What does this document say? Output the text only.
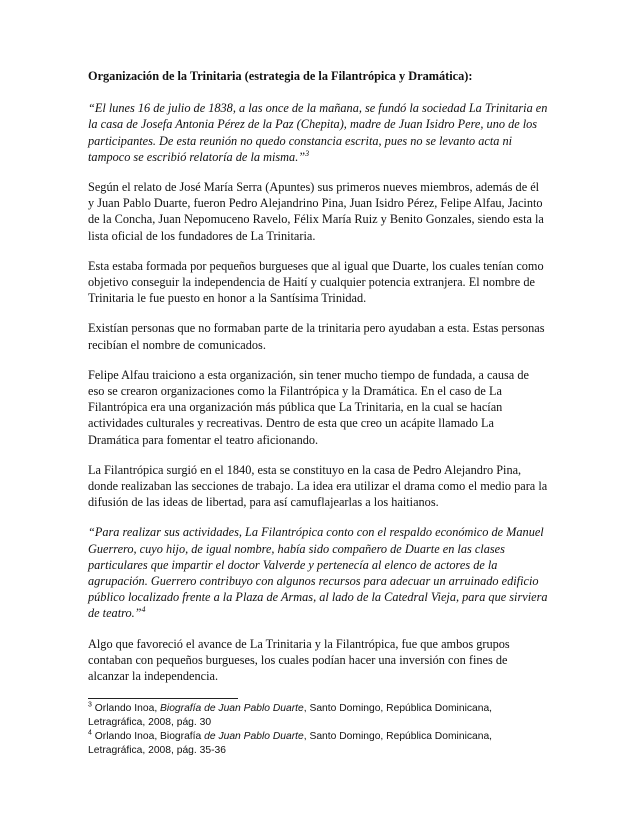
Organización de la Trinitaria (estrategia de la Filantrópica y Dramática):

“El lunes 16 de julio de 1838, a las once de la mañana, se fundó la sociedad La Trinitaria en la casa de Josefa Antonia Pérez de la Paz (Chepita), madre de Juan Isidro Pere, uno de los participantes. De esta reunión no quedo constancia escrita, pues no se levanto acta ni tampoco se escribió relatoría de la misma.”$^3$

Según el relato de José María Serra (Apuntes) sus primeros nueves miembros, además de él y Juan Pablo Duarte, fueron Pedro Alejandrino Pina, Juan Isidro Pérez, Felipe Alfau, Jacinto de la Concha, Juan Nepomuceno Ravelo, Félix María Ruiz y Benito Gonzales, siendo esta la lista oficial de los fundadores de La Trinitaria.

Esta estaba formada por pequeños burgueses que al igual que Duarte, los cuales tenían como objetivo conseguir la independencia de Haití y cualquier potencia extranjera. El nombre de Trinitaria le fue puesto en honor a la Santísima Trinidad.

Existían personas que no formaban parte de la trinitaria pero ayudaban a esta. Estas personas recibían el nombre de comunicados.

Felipe Alfau traiciono a esta organización, sin tener mucho tiempo de fundada, a causa de eso se crearon organizaciones como la Filantrópica y la Dramática. En el caso de La Filantrópica era una organización más pública que La Trinitaria, en la cual se hacían actividades culturales y recreativas. Dentro de esta que creo un acápite llamado La Dramática para fomentar el teatro aficionando.

La Filantrópica surgió en el 1840, esta se constituyo en la casa de Pedro Alejandro Pina, donde realizaban las secciones de trabajo. La idea era utilizar el drama como el medio para la difusión de las ideas de libertad, para así camuflajearlas a los haitianos.

“Para realizar sus actividades, La Filantrópica conto con el respaldo económico de Manuel Guerrero, cuyo hijo, de igual nombre, había sido compañero de Duarte en las clases particulares que impartir el doctor Valverde y pertenecía al elenco de actores de la agrupación. Guerrero contribuyo con algunos recursos para adecuar un arruinado edificio público localizado frente a la Plaza de Armas, al lado de la Catedral Vieja, para que sirviera de teatro.”$^4$

Algo que favoreció el avance de La Trinitaria y la Filantrópica, fue que ambos grupos contaban con pequeños burgueses, los cuales podían hacer una inversión con fines de alcanzar la independencia.

$^3$ Orlando Inoa, Biografía de Juan Pablo Duarte, Santo Domingo, República Dominicana, Letragráfica, 2008, pág. 30

$^4$ Orlando Inoa, Biografía de Juan Pablo Duarte, Santo Domingo, República Dominicana, Letragráfica, 2008, pág. 35-36
